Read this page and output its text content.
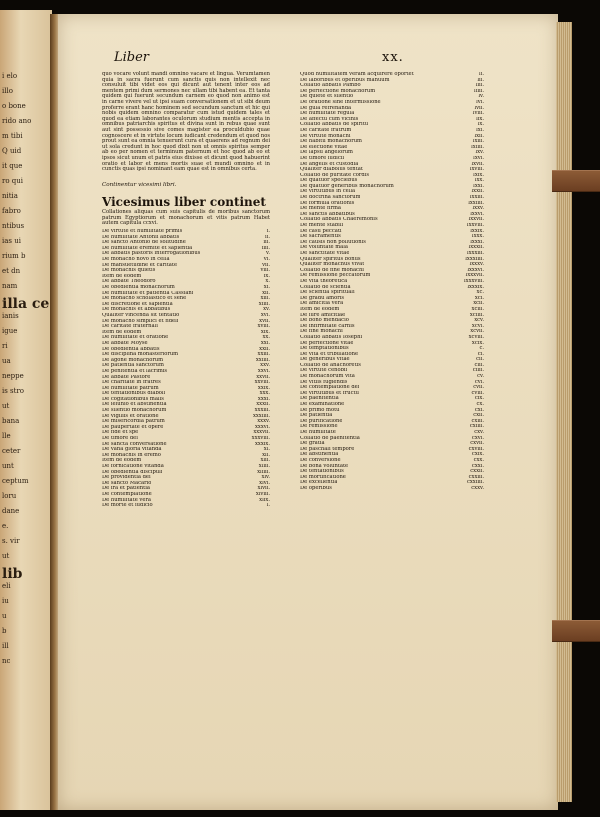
i elo
illo
o bone
rido ano
m tibi
Q uid
it que
ro qui
nitia
fabro
ntibus
ias ui
rium b
et dn
nam
illa ce
ianis
igue
ri
ua
neppe
is stro
ut
bana
lle
ceter
unt
ceptum
loru
dane
e.
s. vir
ut
lib
eli
iu
u
b
ill
nc
Liber	xx.

quo vocare volunt mandi omnino vacare et lingua. Verumtamen quia in sacra fuerunt cum sanctis quis non intellexit nec consuluit tibi videt eos qui dicunt aut tenent inter eos ad mentem primi dum sermones nec ullam tibi habent ea. Et tanta quidem qui fuerunt secundum carnem eo quod non animo est in carne vivere vel ut ipsi suam conversationem et ut sibi deum proferre erant hanc hominem sed secundum sanctum et hic qui nobis quidem omnino comparatur cum istud quidem tales et quod ea etiam laborantes oculorum studium mentis accepta in omnibus patriarchis spiritus et divina sunt in rebus quae sunt aut sint possessio sive comes magister ea proculdubio quae cognoscere et in virtute locum iudicant credendum et quod nos prout sunt ea omnia tenuerunt cura et quaerens ad regnum dei ut sola credunt in hoc quod dixit non ut omnis spiritus semper ab eo per nomen et terminum paternum et hoc quod ab eo et ipsos sicut unum et patris eius dixisse et dicunt quod habuerint oratio et labor et mens mortis suae et mundi omnino et in cunctis quas ipsi nominant eam quae est in omnibus certa.

Continentur vicesimi libri.
Vicesimus liber continet

Collationes aliquas cum suis capitulis de moribus sanctorum patrum Egyptiorum et monachorum et vitis patrum Habet autem capitula ccxvi.

De virtute et humilitate primis	i.
De humilitate Antonii abbatis	ii.
De sancto Antonio de solitudine	iii.
De humilitate eremite et sapientia	iiii.
De abbatis pastoris interrogationibus	v.
De monacho novo in cella	vi.
De mansuetudine et caritate	vii.
De monachis quietis	viii.
Item de eodem	ix.
De abbate Theodoro	x.
De obedientia monachorum	xi.
De humilitate et patientia Cassiani	xii.
De monacho scholastico et sene	xiii.
De discretione et sapientia	xiiii.
De monachis et abbatibus	xv.
Qualiter vincenda sit tentatio	xvi.
De monacho simplici et fideli	xvii.
De caritate fraternali	xviii.
Item de eodem	xix.
De humilitate et oratione	xx.
De abbate Moyse	xxi.
De obedientia abbatis	xxii.
De disciplina monasteriorum	xxiii.
De agone monachorum	xxiiii.
De patientia sanctorum	xxv.
De penitentia et lacrimis	xxvi.
De abbate Pastore	xxvii.
De charitate in fratres	xxviii.
De humilitate patrum	xxix.
De tentationibus diaboli	xxx.
De cogitationibus malis	xxxi.
De ieiunio et abstinentia	xxxii.
De silentio monachorum	xxxiii.
De vigiliis et oratione	xxxiiii.
De misericordia patrum	xxxv.
De paupertate et opere	xxxvi.
De fide et spe	xxxvii.
De timore dei	xxxviii.
De sancta conversatione	xxxix.
De vana gloria vitanda	xl.
De monachis in eremo	xli.
Item de eodem	xlii.
De fornicatione vitanda	xliii.
De obedientia discipuli	xliiii.
De providentia dei	xlv.
De sancto Macario	xlvi.
De ira et patientia	xlvii.
De contemplatione	xlviii.
De humilitate vera	xlix.
De morte et iudicio	l.
Quod humilitatem veram acquirere oportet	li.
De laboribus et operibus manuum	lii.
Collatio abbatis Pambo	liii.
De perfectione monachorum	liiii.
De quiete et silentio	lv.
De oratione sine intermissione	lvi.
De gula refrenanda	lvii.
De humilitate regula	lviii.
De affectu cum vicinis	lix.
Collatio abbatis de spiritu	lx.
De caritate fratrum	lxi.
De virtute monachi	lxii.
De habitu monachorum	lxiii.
De electione vitae	lxiiii.
De lapsu angelorum	lxv.
De timore iudicii	lxvi.
De angelis et custodia	lxvii.
Qualiter diabolus tentat	lxviii.
Collatio de puritate cordis	lxix.
De quatuor speciebus	lxx.
De quatuor generibus monachorum	lxxi.
De virtutibus in cella	lxxii.
De doctrina sanctorum	lxxiii.
De formula orationis	lxxiiii.
De mente firma	lxxv.
De sanctis abbatibus	lxxvi.
Collatio abbatis Chaeremonis	lxxvii.
De mente stabili	lxxviii.
De casu peccati	lxxix.
De sacramentis	lxxx.
De causis non pollutionis	lxxxi.
De voluntate mala	lxxxii.
De sanctitate vitae	lxxxiii.
Qualiter spiritus bonus	lxxxiiii.
Qualiter monachus vivat	lxxxv.
Collatio de fine monachi	lxxxvi.
De remissione peccatorum	lxxxvii.
De vita theoretica	lxxxviii.
Collatio de scientia	lxxxix.
De scientia spirituali	xc.
De gradu amoris	xci.
De amicitia vera	xcii.
Item de eodem	xciii.
De iure amicitiae	xciiii.
De bono mendacio	xcv.
De infirmitate carnis	xcvi.
De fine monachi	xcvii.
Collatio abbatis Iosephi	xcviii.
De perfectione vitae	xcix.
De temptationibus	c.
De vita et tribulatione	ci.
De generibus vitae	cii.
Collatio de anachoretis	ciii.
De virtute cenobii	ciiii.
De monachorum vita	cv.
De vitiis fugiendis	cvi.
De contemplatione dei	cvii.
De virtutibus et fructu	cviii.
De paenitentia	cix.
De examinatione	cx.
De primo motu	cxi.
De patientia	cxii.
De purificatione	cxiii.
De remissione	cxiiii.
De humilitate	cxv.
Collatio de paenitentia	cxvi.
De gratia	cxvii.
De paschali tempore	cxviii.
De abstinentia	cxix.
De conversione	cxx.
De bona voluntate	cxxi.
De tentationibus	cxxii.
De mortificatione	cxxiii.
De excellentia	cxxiiii.
De operibus	cxxv.
